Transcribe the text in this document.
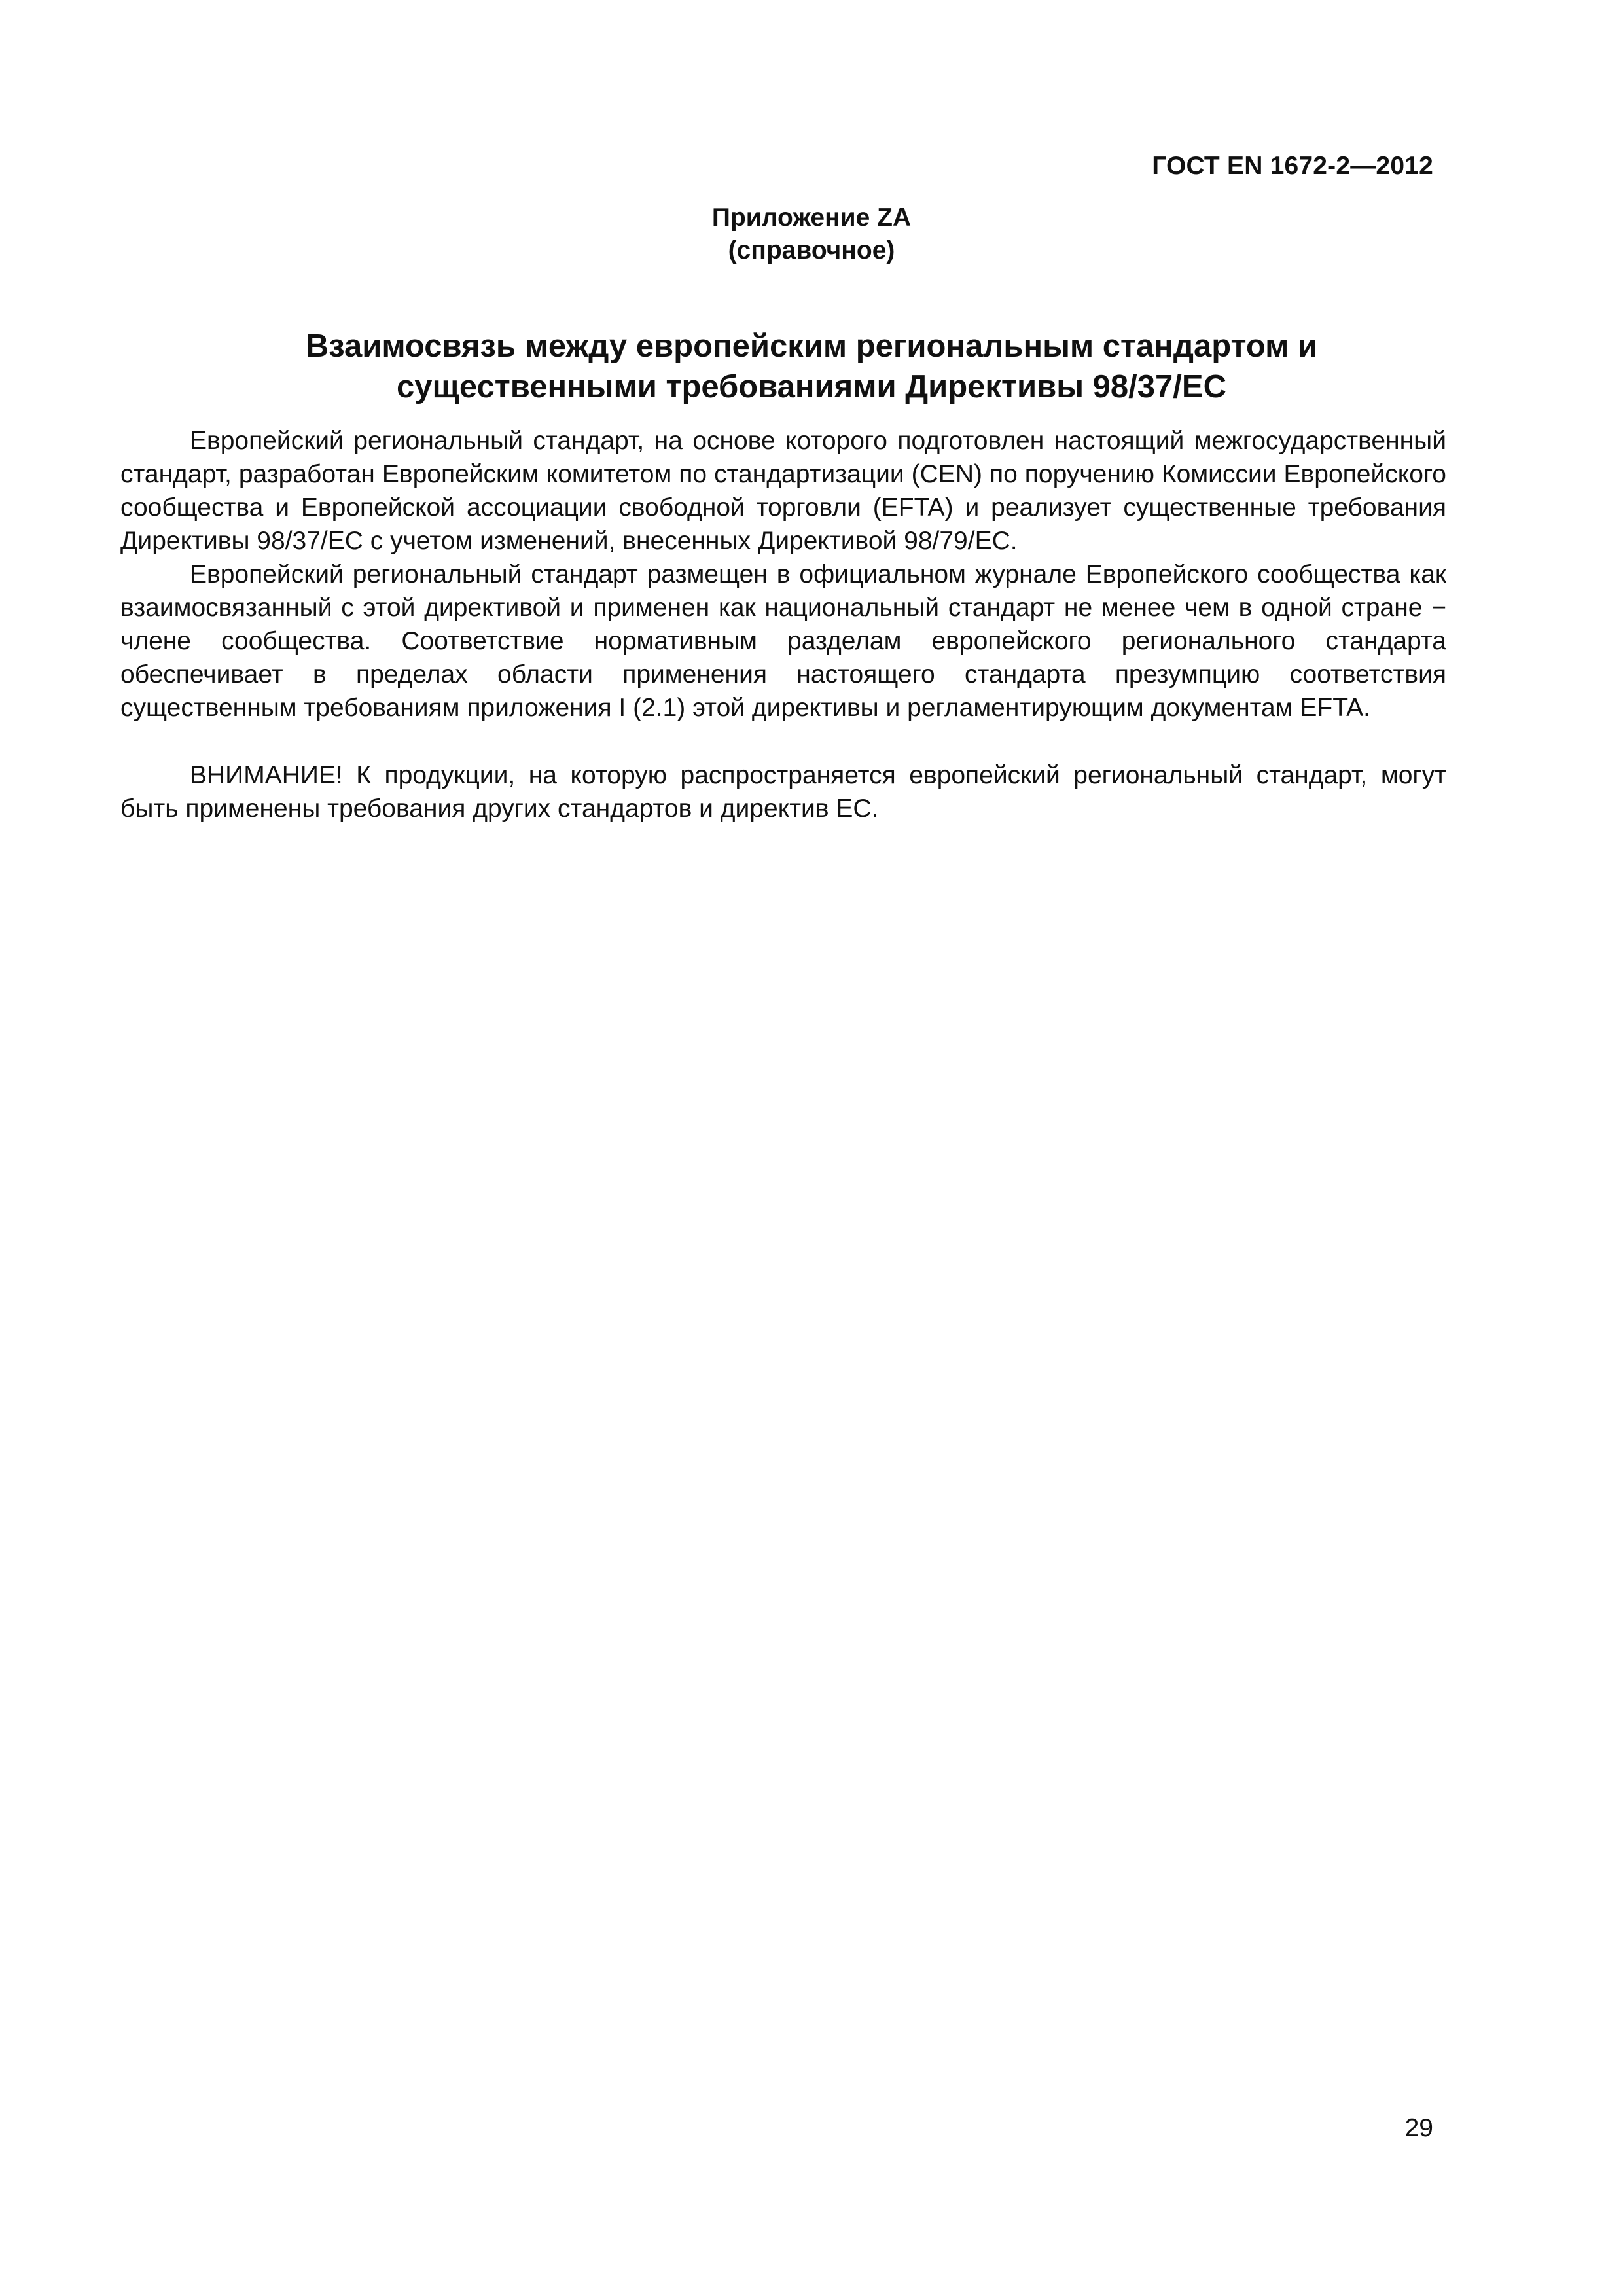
ГОСТ EN 1672-2—2012
Приложение ZA
(справочное)
Взаимосвязь между европейским региональным стандартом и
существенными требованиями Директивы 98/37/ЕС

Европейский региональный стандарт, на основе которого подготовлен настоящий межгосударственный стандарт, разработан Европейским комитетом по стандартизации (CEN) по поручению Комиссии Европейского сообщества и Европейской ассоциации свободной торговли (EFTA) и реализует существенные требования Директивы 98/37/ЕС с учетом изменений, внесенных Директивой 98/79/ЕС.

Европейский региональный стандарт размещен в официальном журнале Европейского сообщества как взаимосвязанный с этой директивой и применен как национальный стандарт не менее чем в одной стране − члене сообщества. Соответствие нормативным разделам европейского регионального стандарта обеспечивает в пределах области применения настоящего стандарта презумпцию соответствия существенным требованиям приложения I (2.1) этой директивы и регламентирующим документам EFTA.

ВНИМАНИЕ! К продукции, на которую распространяется европейский региональный стандарт, могут быть применены требования других стандартов и директив ЕС.

29
